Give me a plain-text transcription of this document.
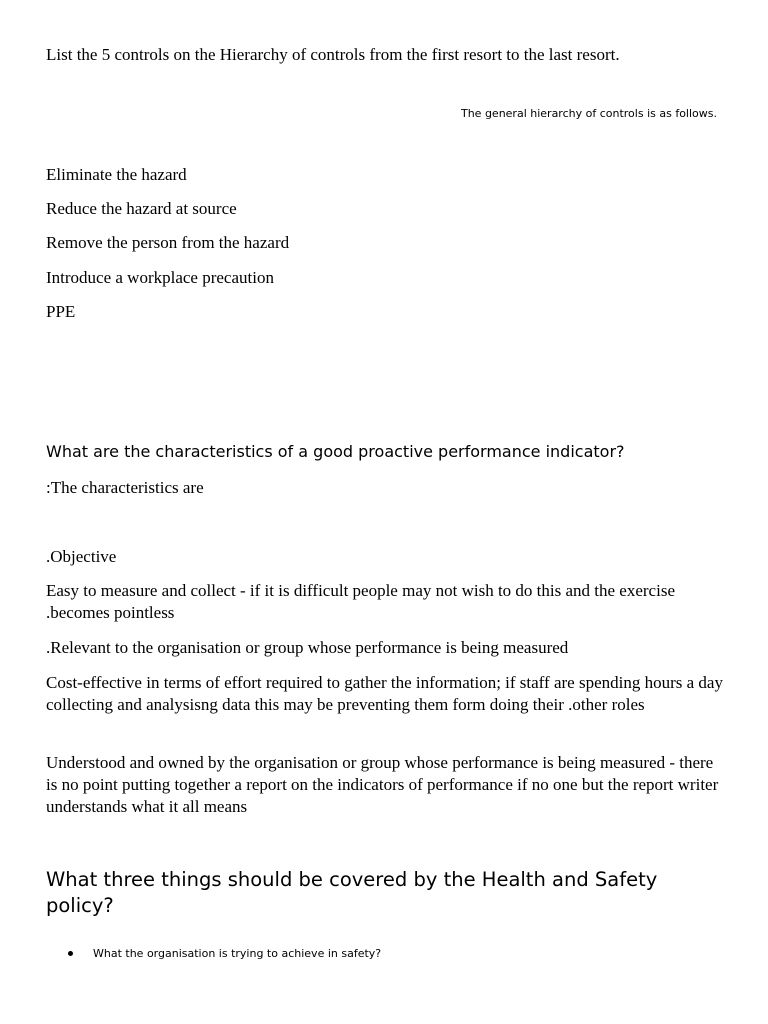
List the 5 controls on the Hierarchy of controls from the first resort to the last resort.

The general hierarchy of controls is as follows.

Eliminate the hazard

Reduce the hazard at source

Remove the person from the hazard

Introduce a workplace precaution

PPE

What are the characteristics of a good proactive performance indicator?

:The characteristics are

.Objective

Easy to measure and collect - if it is difficult people may not wish to do this and the exercise .becomes pointless

.Relevant to the organisation or group whose performance is being measured

Cost-effective in terms of effort required to gather the information; if staff are spending hours a day collecting and analysisng data this may be preventing them form doing their .other roles

Understood and owned by the organisation or group whose performance is being measured - there is no point putting together a report on the indicators of performance if no one but the report writer understands what it all means

What three things should be covered by the Health and Safety policy?

What the organisation is trying to achieve in safety?
